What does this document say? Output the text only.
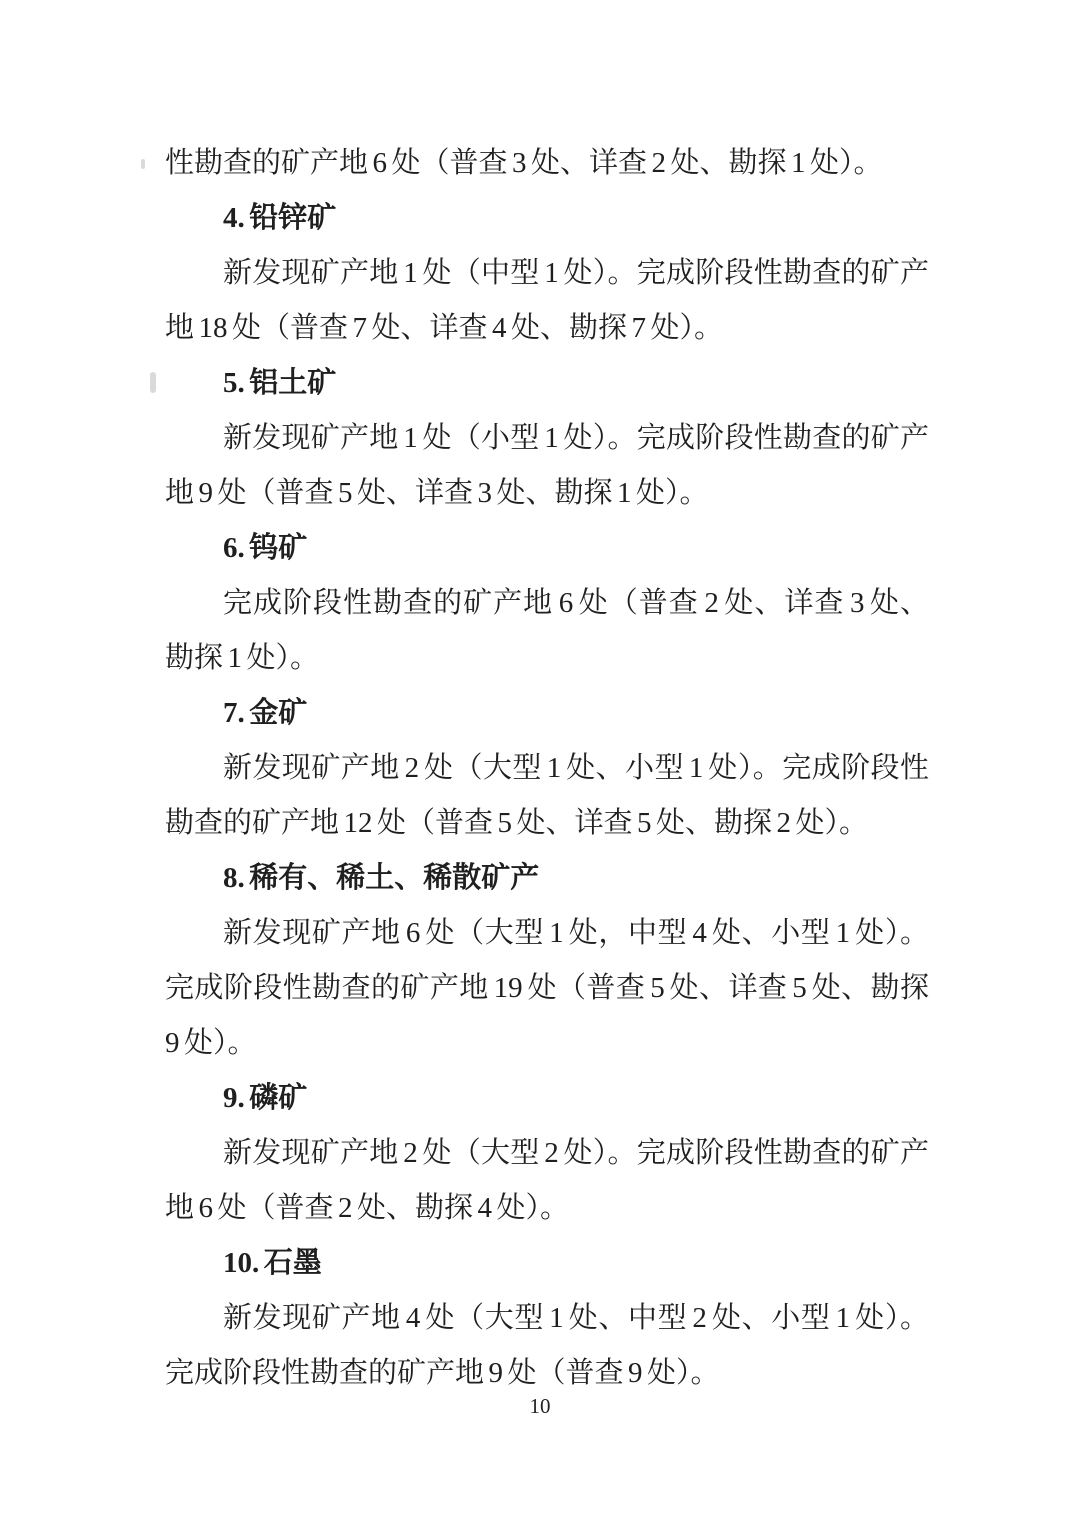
性勘查的矿产地 6 处（普查 3 处、详查 2 处、勘探 1 处）。

4. 铅锌矿

新发现矿产地 1 处（中型 1 处）。完成阶段性勘查的矿产地 18 处（普查 7 处、详查 4 处、勘探 7 处）。

5. 铝土矿

新发现矿产地 1 处（小型 1 处）。完成阶段性勘查的矿产地 9 处（普查 5 处、详查 3 处、勘探 1 处）。

6. 钨矿

完成阶段性勘查的矿产地 6 处（普查 2 处、详查 3 处、勘探 1 处）。

7. 金矿

新发现矿产地 2 处（大型 1 处、小型 1 处）。完成阶段性勘查的矿产地 12 处（普查 5 处、详查 5 处、勘探 2 处）。

8. 稀有、稀土、稀散矿产

新发现矿产地 6 处（大型 1 处，中型 4 处、小型 1 处）。完成阶段性勘查的矿产地 19 处（普查 5 处、详查 5 处、勘探 9 处）。

9. 磷矿

新发现矿产地 2 处（大型 2 处）。完成阶段性勘查的矿产地 6 处（普查 2 处、勘探 4 处）。

10. 石墨

新发现矿产地 4 处（大型 1 处、中型 2 处、小型 1 处）。完成阶段性勘查的矿产地 9 处（普查 9 处）。

10
